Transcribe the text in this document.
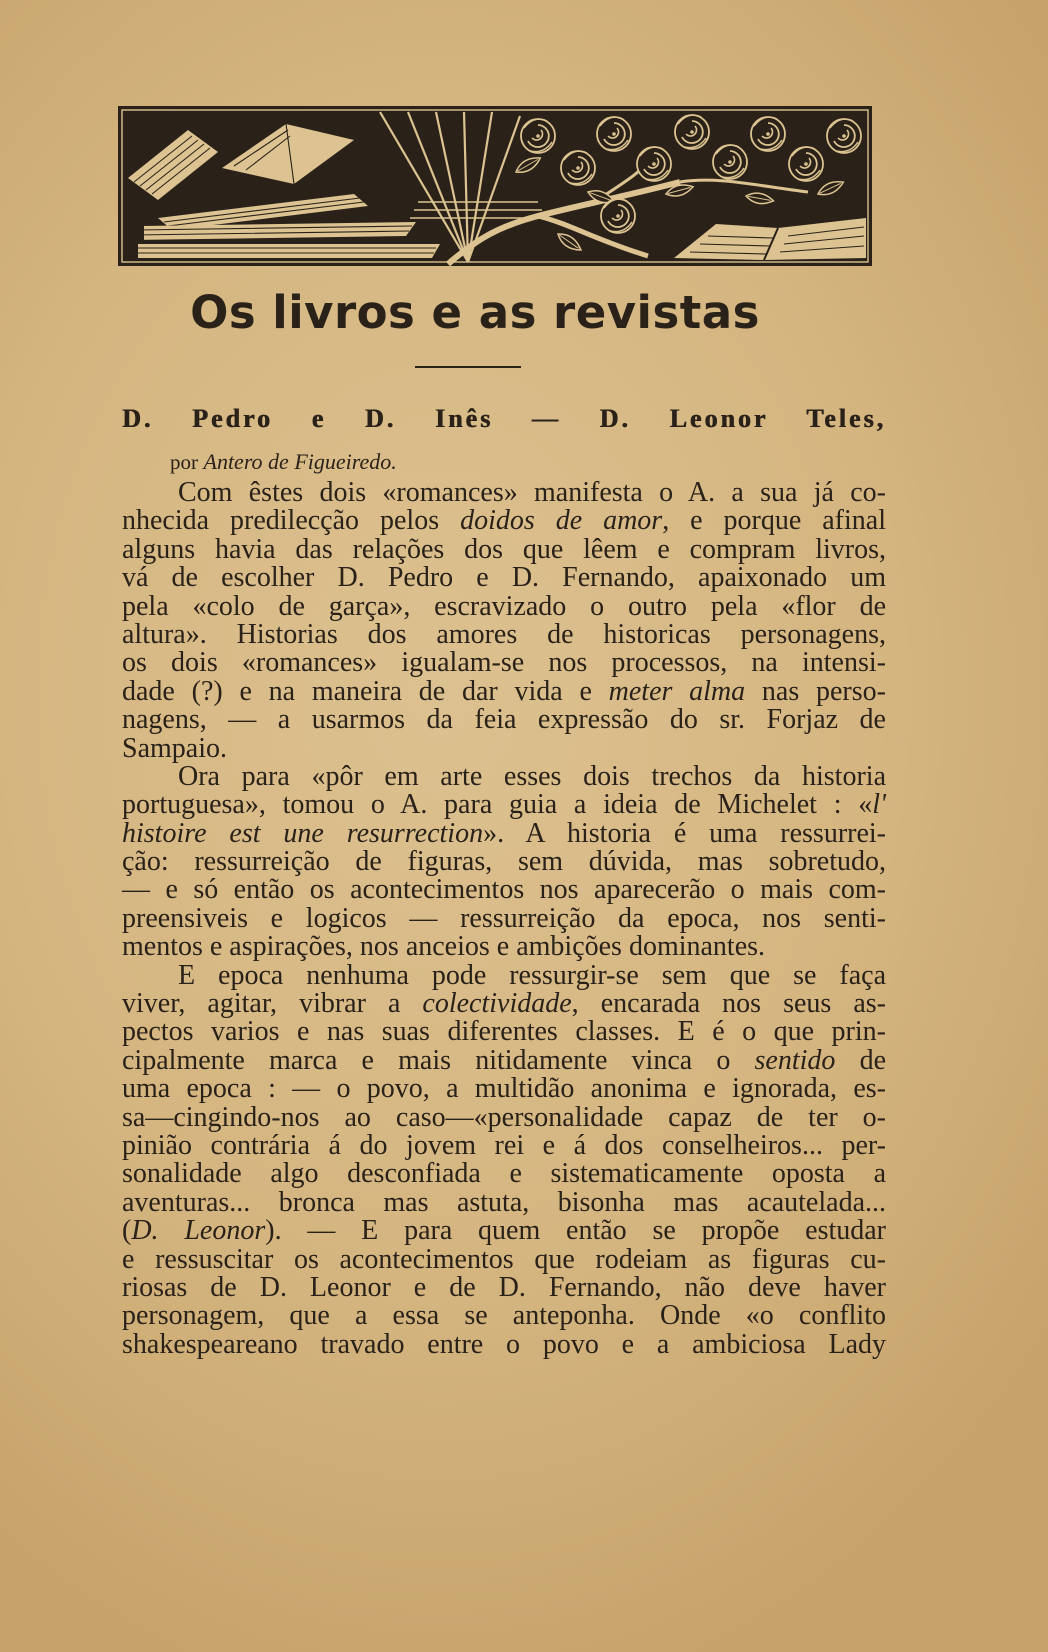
Os livros e as revistas
D. Pedro e D. Inês — D. Leonor Teles,
por Antero de Figueiredo.
Com êstes dois «romances» manifesta o A. a sua já co-
nhecida predilecção pelos doidos de amor, e porque afinal
alguns havia das relações dos que lêem e compram livros,
vá de escolher D. Pedro e D. Fernando, apaixonado um
pela «colo de garça», escravizado o outro pela «flor de
altura». Historias dos amores de historicas personagens,
os dois «romances» igualam-se nos processos, na intensi-
dade (?) e na maneira de dar vida e meter alma nas perso-
nagens, — a usarmos da feia expressão do sr. Forjaz de
Sampaio.
Ora para «pôr em arte esses dois trechos da historia
portuguesa», tomou o A. para guia a ideia de Michelet : «l'
histoire est une resurrection». A historia é uma ressurrei-
ção: ressurreição de figuras, sem dúvida, mas sobretudo,
— e só então os acontecimentos nos aparecerão o mais com-
preensiveis e logicos — ressurreição da epoca, nos senti-
mentos e aspirações, nos anceios e ambições dominantes.
E epoca nenhuma pode ressurgir-se sem que se faça
viver, agitar, vibrar a colectividade, encarada nos seus as-
pectos varios e nas suas diferentes classes. E é o que prin-
cipalmente marca e mais nitidamente vinca o sentido de
uma epoca : — o povo, a multidão anonima e ignorada, es-
sa—cingindo-nos ao caso—«personalidade capaz de ter o-
pinião contrária á do jovem rei e á dos conselheiros... per-
sonalidade algo desconfiada e sistematicamente oposta a
aventuras... bronca mas astuta, bisonha mas acautelada...
(D. Leonor). — E para quem então se propõe estudar
e ressuscitar os acontecimentos que rodeiam as figuras cu-
riosas de D. Leonor e de D. Fernando, não deve haver
personagem, que a essa se anteponha. Onde «o conflito
shakespeareano travado entre o povo e a ambiciosa Lady
